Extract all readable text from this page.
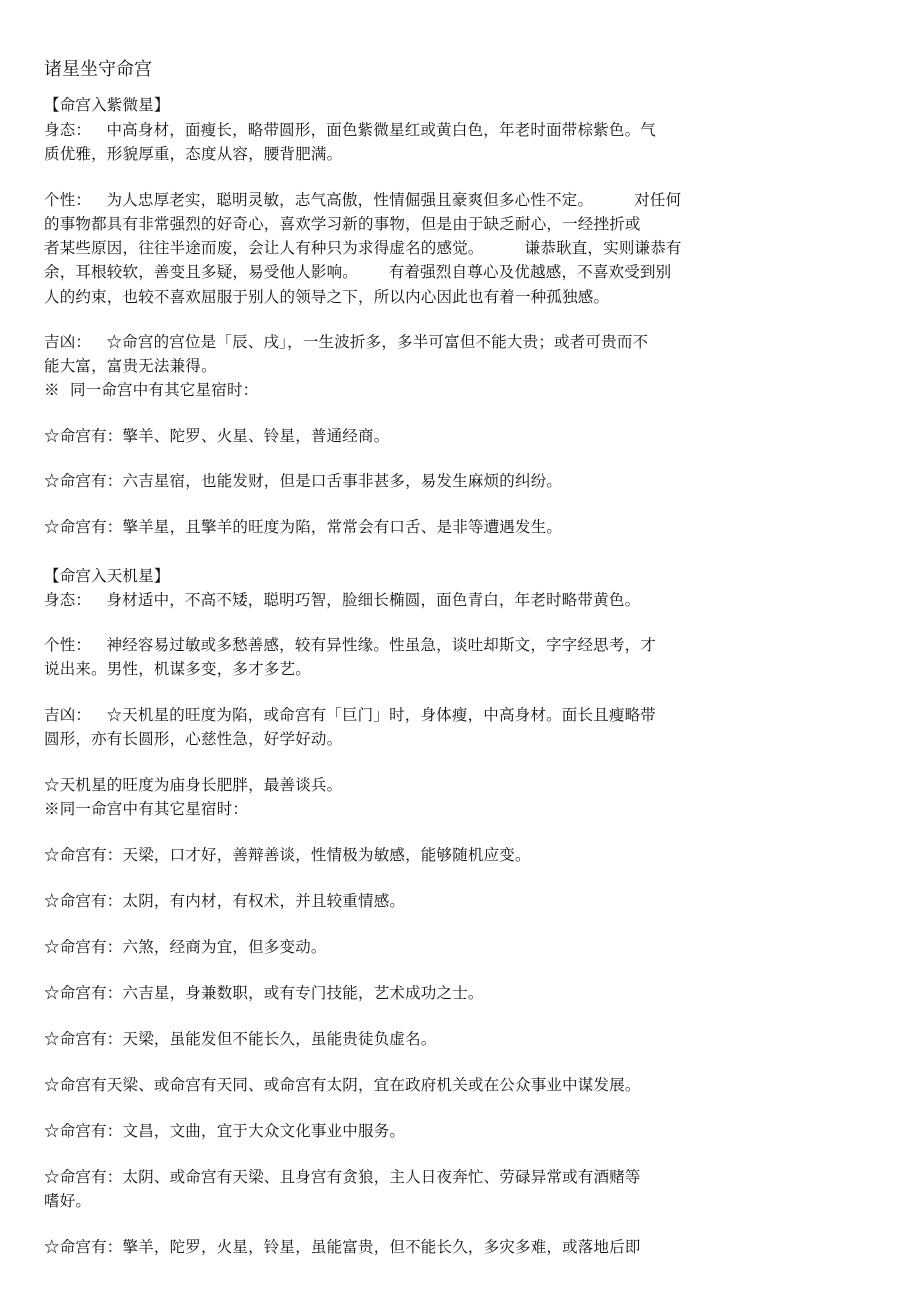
诸星坐守命宫
【命宫入紫微星】
身态：   中高身材，面瘦长，略带圆形，面色紫微星红或黄白色，年老时面带棕紫色。气
质优雅，形貌厚重，态度从容，腰背肥满。
个性：   为人忠厚老实，聪明灵敏，志气高傲，性情倔强且豪爽但多心性不定。        对任何
的事物都具有非常强烈的好奇心，喜欢学习新的事物，但是由于缺乏耐心，一经挫折或
者某些原因，往往半途而废，会让人有种只为求得虚名的感觉。        谦恭耿直，实则谦恭有
余，耳根较软，善变且多疑，易受他人影响。      有着强烈自尊心及优越感，不喜欢受到别
人的约束，也较不喜欢屈服于别人的领导之下，所以内心因此也有着一种孤独感。
吉凶：   ☆命宫的宫位是「辰、戌」，一生波折多，多半可富但不能大贵；或者可贵而不
能大富，富贵无法兼得。
※  同一命宫中有其它星宿时：
☆命宫有：擎羊、陀罗、火星、铃星，普通经商。
☆命宫有：六吉星宿，也能发财，但是口舌事非甚多，易发生麻烦的纠纷。
☆命宫有：擎羊星，且擎羊的旺度为陷，常常会有口舌、是非等遭遇发生。
【命宫入天机星】
身态：   身材适中，不高不矮，聪明巧智，脸细长椭圆，面色青白，年老时略带黄色。
个性：   神经容易过敏或多愁善感，较有异性缘。性虽急，谈吐却斯文，字字经思考，才
说出来。男性，机谋多变，多才多艺。
吉凶：   ☆天机星的旺度为陷，或命宫有「巨门」时，身体瘦，中高身材。面长且瘦略带
圆形，亦有长圆形，心慈性急，好学好动。
☆天机星的旺度为庙身长肥胖，最善谈兵。
※同一命宫中有其它星宿时：
☆命宫有：天梁，口才好，善辩善谈，性情极为敏感，能够随机应变。
☆命宫有：太阴，有内材，有权术，并且较重情感。
☆命宫有：六煞，经商为宜，但多变动。
☆命宫有：六吉星，身兼数职，或有专门技能，艺术成功之士。
☆命宫有：天梁，虽能发但不能长久，虽能贵徒负虚名。
☆命宫有天梁、或命宫有天同、或命宫有太阴，宜在政府机关或在公众事业中谋发展。
☆命宫有：文昌，文曲，宜于大众文化事业中服务。
☆命宫有：太阴、或命宫有天梁、且身宫有贪狼，主人日夜奔忙、劳碌异常或有酒赌等
嗜好。
☆命宫有：擎羊，陀罗，火星，铃星，虽能富贵，但不能长久，多灾多难，或落地后即
